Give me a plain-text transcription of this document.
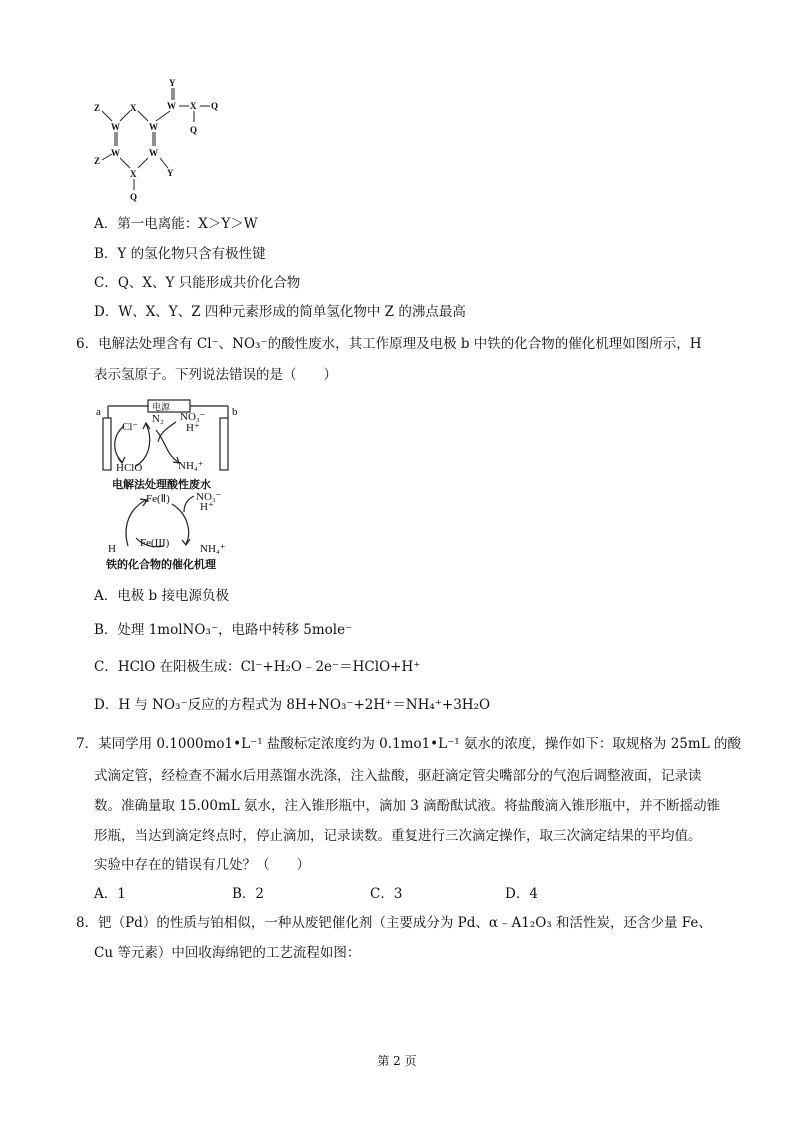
Y
W X Q
Q
Z	X
W	W
Z
W	W
Y
X
Q
A．第一电离能：X＞Y＞W
B．Y 的氢化物只含有极性键
C．Q、X、Y 只能形成共价化合物
D．W、X、Y、Z 四种元素形成的简单氢化物中 Z 的沸点最高
6．电解法处理含有 Cl⁻、NO₃⁻的酸性废水，其工作原理及电极 b 中铁的化合物的催化机理如图所示，H
表示氢原子。下列说法错误的是（　　）
电源
a	b
Cl⁻
HClO
N₂ NO₃⁻
H⁺
NH₄⁺
电解法处理酸性废水
Fe(Ⅱ) NO₃⁻
H⁺
Fe(III)
H	NH₄⁺
铁的化合物的催化机理
A．电极 b 接电源负极
B．处理 1molNO₃⁻，电路中转移 5mole⁻
C．HClO 在阳极生成：Cl⁻+H₂O﹣2e⁻＝HClO+H⁺
D．H 与 NO₃⁻反应的方程式为 8H+NO₃⁻+2H⁺＝NH₄⁺+3H₂O
7．某同学用 0.1000mo1•L⁻¹ 盐酸标定浓度约为 0.1mo1•L⁻¹ 氨水的浓度，操作如下：取规格为 25mL 的酸
式滴定管，经检查不漏水后用蒸馏水洗涤，注入盐酸，驱赶滴定管尖嘴部分的气泡后调整液面，记录读
数。准确量取 15.00mL 氨水，注入锥形瓶中，滴加 3 滴酚酞试液。将盐酸滴入锥形瓶中，并不断摇动锥
形瓶，当达到滴定终点时，停止滴加，记录读数。重复进行三次滴定操作，取三次滴定结果的平均值。
实验中存在的错误有几处？（　　）
A．1	B．2	C．3	D．4
8．钯（Pd）的性质与铂相似，一种从废钯催化剂（主要成分为 Pd、α﹣A1₂O₃ 和活性炭，还含少量 Fe、
Cu 等元素）中回收海绵钯的工艺流程如图：
第 2 页
